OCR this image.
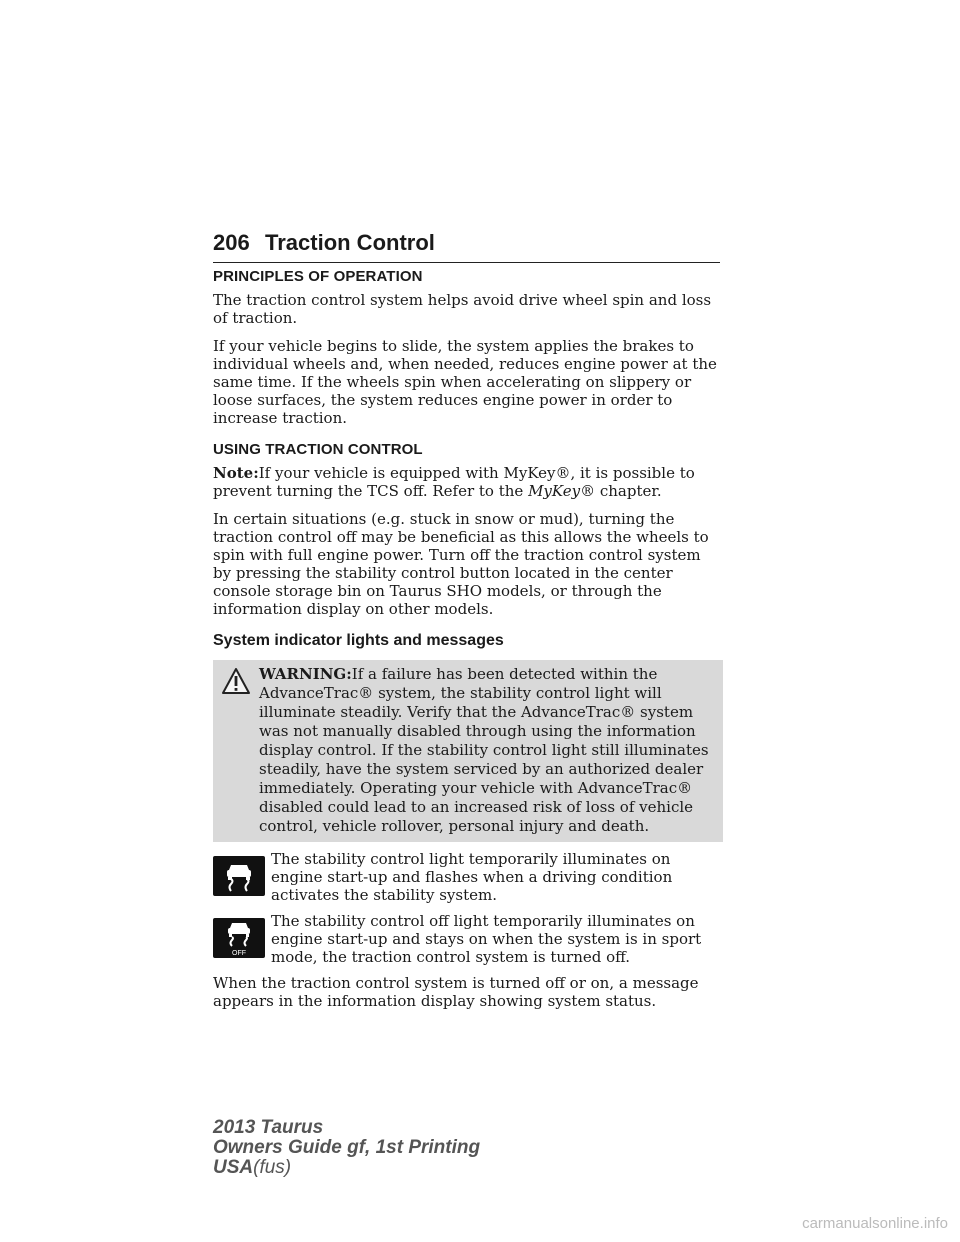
206 Traction Control
PRINCIPLES OF OPERATION

The traction control system helps avoid drive wheel spin and loss of traction.

If your vehicle begins to slide, the system applies the brakes to individual wheels and, when needed, reduces engine power at the same time. If the wheels spin when accelerating on slippery or loose surfaces, the system reduces engine power in order to increase traction.

USING TRACTION CONTROL

Note:If your vehicle is equipped with MyKey®, it is possible to prevent turning the TCS off. Refer to the MyKey® chapter.

In certain situations (e.g. stuck in snow or mud), turning the traction control off may be beneficial as this allows the wheels to spin with full engine power. Turn off the traction control system by pressing the stability control button located in the center console storage bin on Taurus SHO models, or through the information display on other models.

System indicator lights and messages

WARNING:If a failure has been detected within the AdvanceTrac® system, the stability control light will illuminate steadily. Verify that the AdvanceTrac® system was not manually disabled through using the information display control. If the stability control light still illuminates steadily, have the system serviced by an authorized dealer immediately. Operating your vehicle with AdvanceTrac® disabled could lead to an increased risk of loss of vehicle control, vehicle rollover, personal injury and death.

The stability control light temporarily illuminates on engine start-up and flashes when a driving condition activates the stability system.

OFF

The stability control off light temporarily illuminates on engine start-up and stays on when the system is in sport mode, the traction control system is turned off.

When the traction control system is turned off or on, a message appears in the information display showing system status.

2013 Taurus
Owners Guide gf, 1st Printing
USA(fus)
carmanualsonline.info
